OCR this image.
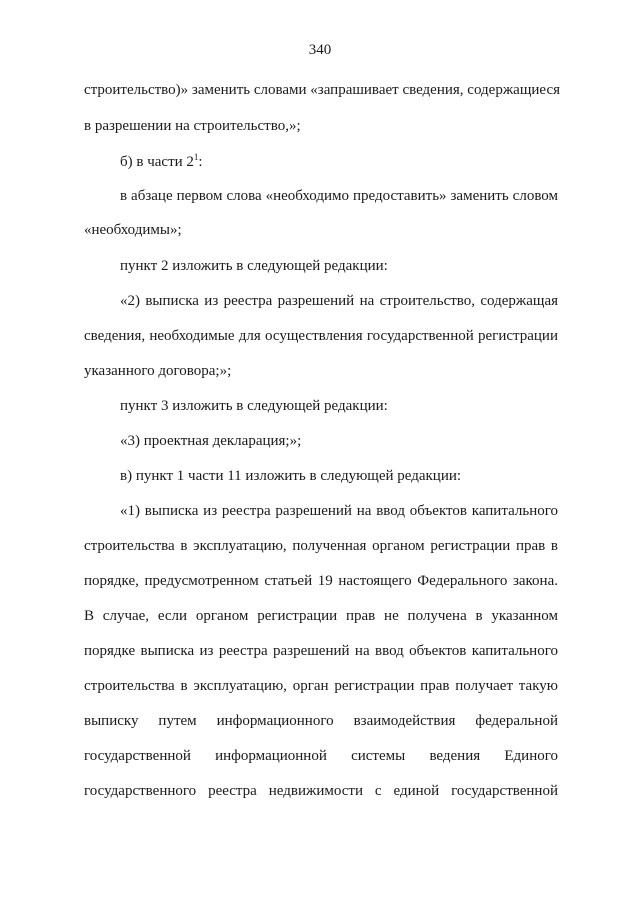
340
строительство)» заменить словами «запрашивает сведения, содержащиеся
в разрешении на строительство,»;
б) в части $2^1$:
в абзаце первом слова «необходимо предоставить» заменить словом
«необходимы»;
пункт 2 изложить в следующей редакции:
«2) выписка из реестра разрешений на строительство, содержащая
сведения, необходимые для осуществления государственной регистрации
указанного договора;»;
пункт 3 изложить в следующей редакции:
«3) проектная декларация;»;
в) пункт 1 части 11 изложить в следующей редакции:
«1) выписка из реестра разрешений на ввод объектов капитального
строительства в эксплуатацию, полученная органом регистрации прав в
порядке, предусмотренном статьей 19 настоящего Федерального закона.
В случае, если органом регистрации прав не получена в указанном
порядке выписка из реестра разрешений на ввод объектов капитального
строительства в эксплуатацию, орган регистрации прав получает такую
выписку путем информационного взаимодействия федеральной
государственной информационной системы ведения Единого
государственного реестра недвижимости с единой государственной
